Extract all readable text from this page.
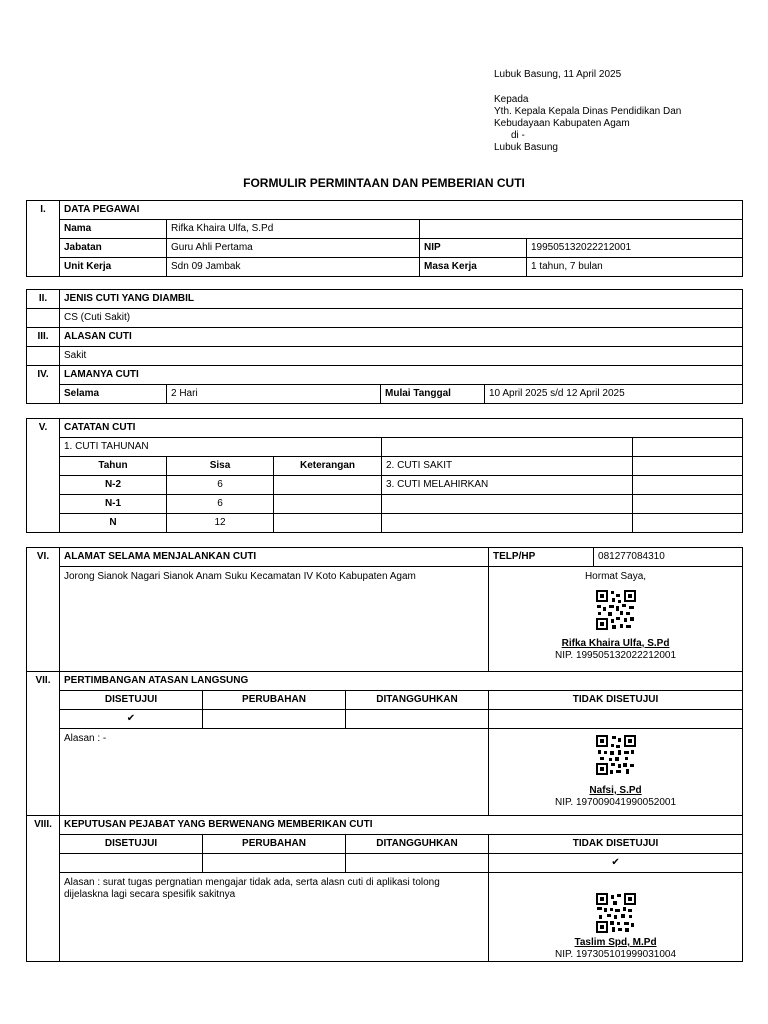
Lubuk Basung, 11 April 2025
Kepada
Yth. Kepala Kepala Dinas Pendidikan Dan
Kebudayaan Kabupaten Agam
di -
Lubuk Basung
FORMULIR PERMINTAAN DAN PEMBERIAN CUTI
I.	DATA PEGAWAI			
	Nama	Rifka Khaira Ulfa, S.Pd		
	Jabatan	Guru Ahli Pertama	NIP	199505132022212001
	Unit Kerja	Sdn 09 Jambak	Masa Kerja	1 tahun, 7 bulan
II.	JENIS CUTI YANG DIAMBIL			
	CS (Cuti Sakit)			
III.	ALASAN CUTI			
	Sakit			
IV.	LAMANYA CUTI			
	Selama	2 Hari	Mulai Tanggal	10 April 2025 s/d 12 April 2025
V.	CATATAN CUTI				
	1. CUTI TAHUNAN				
	Tahun	Sisa	Keterangan	2. CUTI SAKIT	
	N-2	6		3. CUTI MELAHIRKAN	
	N-1	6			
	N	12			
VI.	ALAMAT SELAMA MENJALANKAN CUTI			TELP/HP	081277084310
	Jorong Sianok Nagari Sianok Anam Suku Kecamatan IV Koto Kabupaten Agam			Hormat Saya,
Rifka Khaira Ulfa, S.Pd
NIP. 199505132022212001	

VII.	PERTIMBANGAN ATASAN LANGSUNG				
	DISETUJUI	PERUBAHAN	DITANGGUHKAN	TIDAK DISETUJUI	
	✔				
	Alasan : -			Nafsi, S.Pd
NIP. 197009041990052001	

VIII.	KEPUTUSAN PEJABAT YANG BERWENANG MEMBERIKAN CUTI				
	DISETUJUI	PERUBAHAN	DITANGGUHKAN	TIDAK DISETUJUI	
				✔	
	Alasan : surat tugas pergnatian mengajar tidak ada, serta alasn cuti di aplikasi tolong dijelaskna lagi secara spesifik sakitnya			Taslim Spd, M.Pd
NIP. 197305101999031004	
